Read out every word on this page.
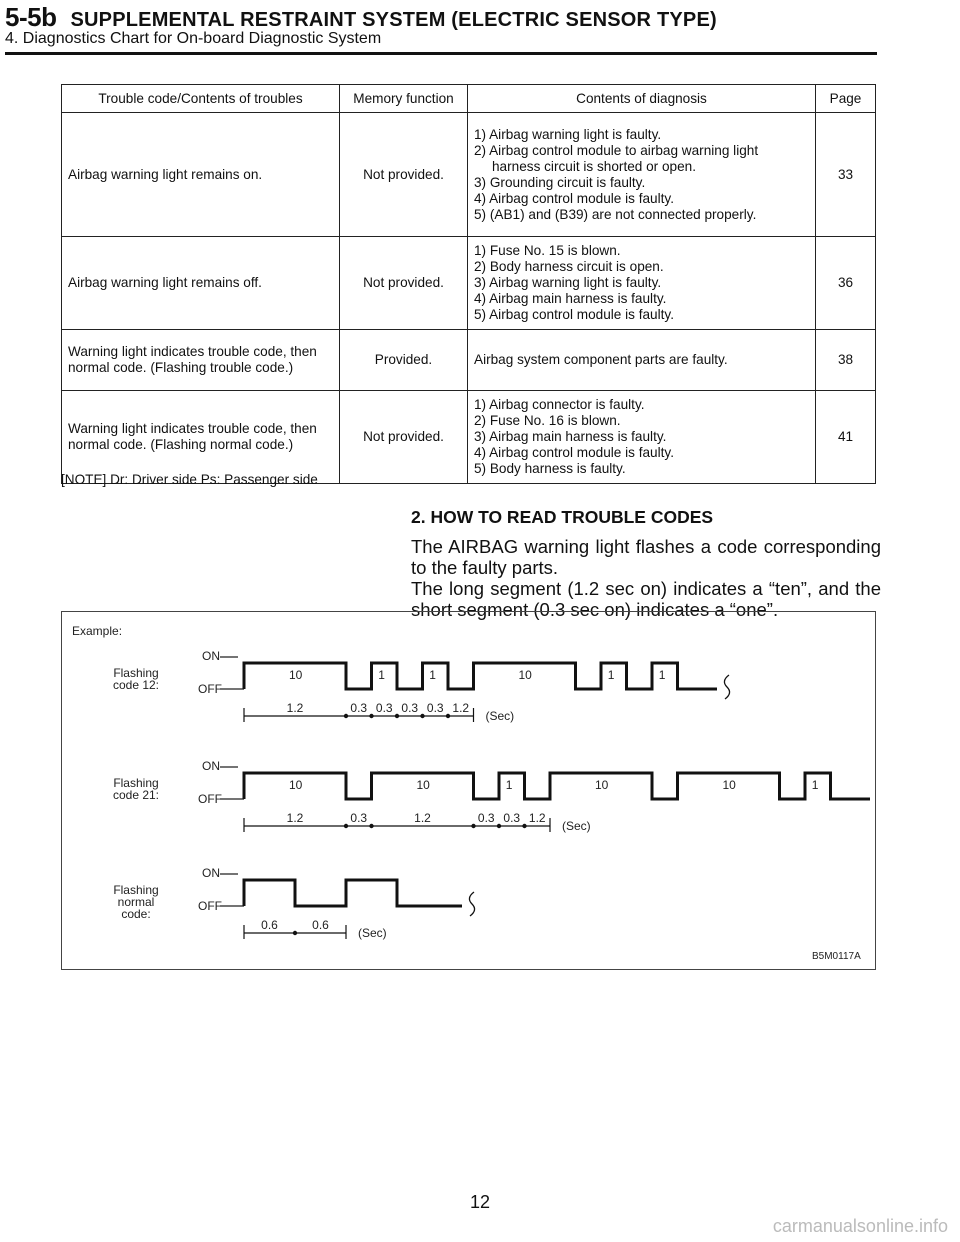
5-5b SUPPLEMENTAL RESTRAINT SYSTEM (ELECTRIC SENSOR TYPE)
4. Diagnostics Chart for On-board Diagnostic System
Trouble code/Contents of troubles	Memory function	Contents of diagnosis	Page
Airbag warning light remains on.	Not provided.	1) Airbag warning light is faulty.
2) Airbag control module to airbag warning light harness circuit is shorted or open.
3) Grounding circuit is faulty.
4) Airbag control module is faulty.
5) (AB1) and (B39) are not connected properly.	33
Airbag warning light remains off.	Not provided.	1) Fuse No. 15 is blown.
2) Body harness circuit is open.
3) Airbag warning light is faulty.
4) Airbag main harness is faulty.
5) Airbag control module is faulty.	36
Warning light indicates trouble code, then normal code. (Flashing trouble code.)	Provided.	Airbag system component parts are faulty.	38
Warning light indicates trouble code, then normal code. (Flashing normal code.)	Not provided.	1) Airbag connector is faulty.
2) Fuse No. 16 is blown.
3) Airbag main harness is faulty.
4) Airbag control module is faulty.
5) Body harness is faulty.	41
[NOTE] Dr: Driver side Ps: Passenger side
2. HOW TO READ TROUBLE CODES
The AIRBAG warning light flashes a code corresponding to the faulty parts.
The long segment (1.2 sec on) indicates a “ten”, and the short segment (0.3 sec on) indicates a “one”.
Example:
B5M0117A
Flashing
code 12:
ON
OFF
10	1	1	10	1	1
1.2	0.3 0.3 0.3 0.3 1.2
(Sec)
Flashing
code 21:
ON
OFF
10	10	1	10	10	1
1.2	0.3	1.2	0.3 0.3 1.2
(Sec)
Flashing
normal
code:
ON
OFF
0.6	0.6
(Sec)
12
carmanualsonline.info
